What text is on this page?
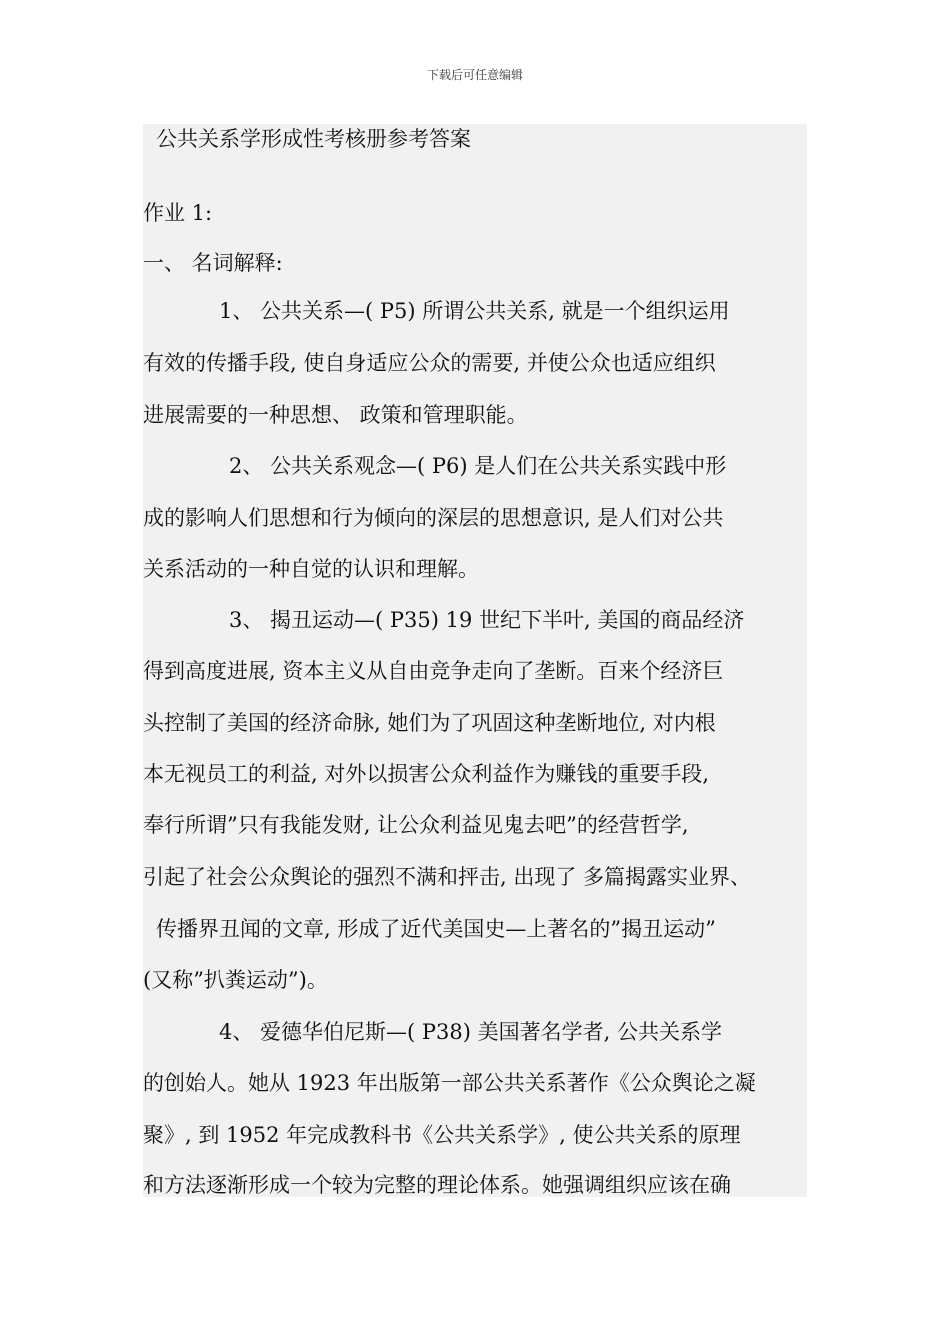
下载后可任意编辑
公共关系学形成性考核册参考答案
作业 1:
一、 名词解释:
1、 公共关系—( P5) 所谓公共关系, 就是一个组织运用
有效的传播手段, 使自身适应公众的需要, 并使公众也适应组织
进展需要的一种思想、 政策和管理职能。
2、 公共关系观念—( P6) 是人们在公共关系实践中形
成的影响人们思想和行为倾向的深层的思想意识, 是人们对公共
关系活动的一种自觉的认识和理解。
3、 揭丑运动—( P35) 19 世纪下半叶, 美国的商品经济
得到高度进展, 资本主义从自由竞争走向了垄断。百来个经济巨
头控制了美国的经济命脉, 她们为了巩固这种垄断地位, 对内根
本无视员工的利益, 对外以损害公众利益作为赚钱的重要手段,
奉行所谓”只有我能发财, 让公众利益见鬼去吧”的经营哲学,
引起了社会公众舆论的强烈不满和抨击, 出现了 多篇揭露实业界、
传播界丑闻的文章, 形成了近代美国史—上著名的”揭丑运动”
(又称”扒粪运动”)。
4、 爱德华伯尼斯—( P38) 美国著名学者, 公共关系学
的创始人。她从 1923 年出版第一部公共关系著作《公众舆论之凝
聚》, 到 1952 年完成教科书《公共关系学》, 使公共关系的原理
和方法逐渐形成一个较为完整的理论体系。她强调组织应该在确
